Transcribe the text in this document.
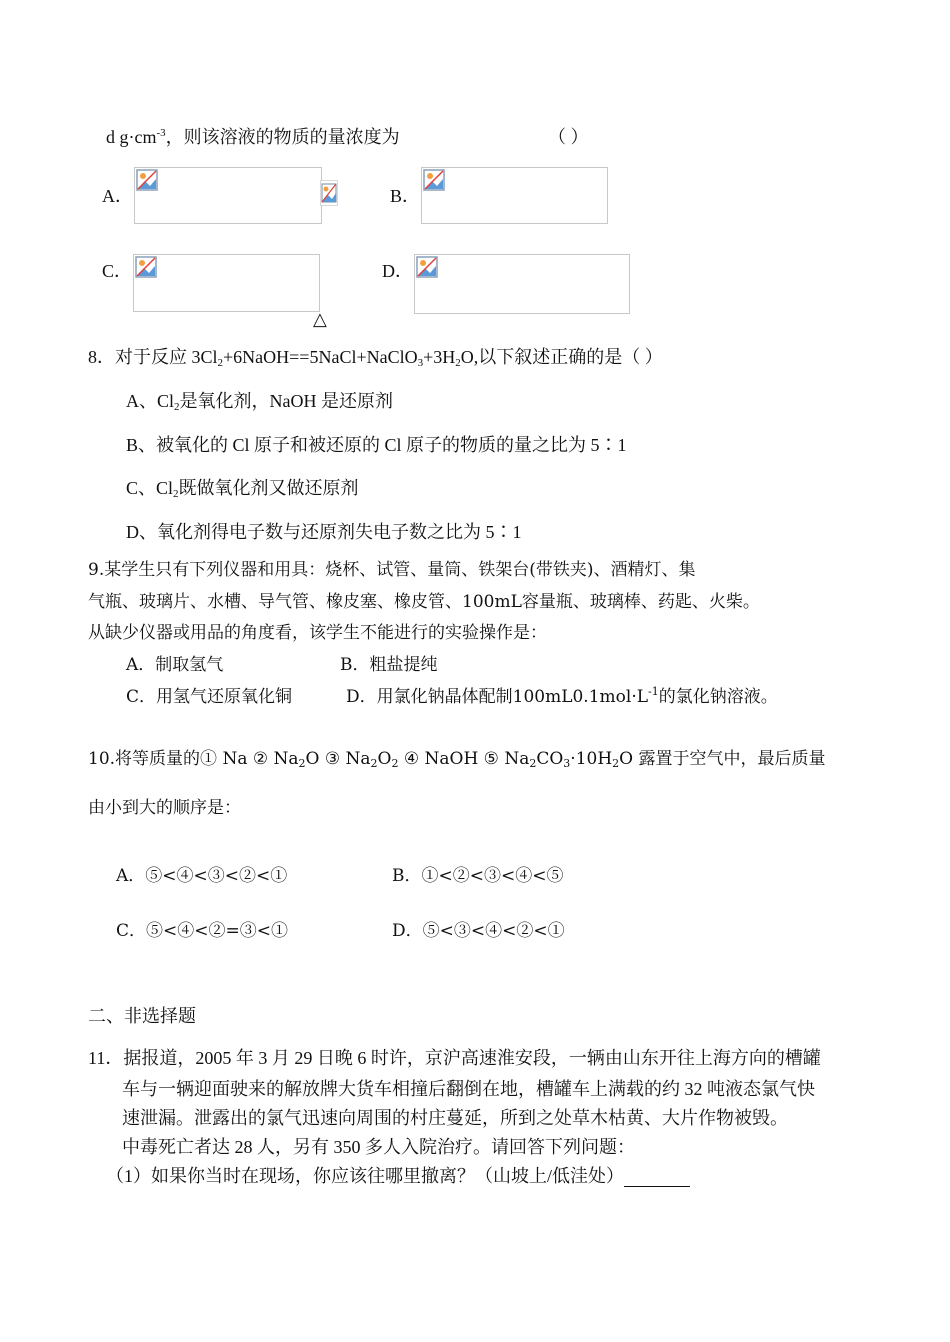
d $g\cdot cm^{-3}$，则该溶液的物质的量浓度为	（ ）
A．	B．
C．
△
D．
8．对于反应 $3Cl_2+6NaOH==5NaCl+NaClO_3+3H_2O$,以下叙述正确的是（ ）
A、$Cl_2$是氧化剂，NaOH 是还原剂
B、被氧化的 Cl 原子和被还原的 Cl 原子的物质的量之比为 5∶1
C、$Cl_2$既做氧化剂又做还原剂
D、氧化剂得电子数与还原剂失电子数之比为 5∶1
9.某学生只有下列仪器和用具：烧杯、试管、量筒、铁架台(带铁夹)、酒精灯、集
气瓶、玻璃片、水槽、导气管、橡皮塞、橡皮管、100mL容量瓶、玻璃棒、药匙、火柴。
从缺少仪器或用品的角度看，该学生不能进行的实验操作是：
A．制取氢气	B．粗盐提纯
C．用氢气还原氧化铜	D．用氯化钠晶体配制$100mL0.1mol\cdot L^{-1}$的氯化钠溶液。
10.将等质量的① Na ② $Na_2O$ ③ $Na_2O_2$ ④ NaOH ⑤ $Na_2CO_3\cdot 10H_2O$ 露置于空气中，最后质量
由小到大的顺序是：
A．⑤<④<③<②<①	B．①<②<③<④<⑤
C．⑤<④<②=③<①	D．⑤<③<④<②<①
二、非选择题
11．据报道，2005 年 3 月 29 日晚 6 时许，京沪高速淮安段，一辆由山东开往上海方向的槽罐
车与一辆迎面驶来的解放牌大货车相撞后翻倒在地，槽罐车上满载的约 32 吨液态氯气快
速泄漏。泄露出的氯气迅速向周围的村庄蔓延，所到之处草木枯黄、大片作物被毁。
中毒死亡者达 28 人，另有 350 多人入院治疗。请回答下列问题：
（1）如果你当时在现场，你应该往哪里撤离？（山坡上/低洼处）
